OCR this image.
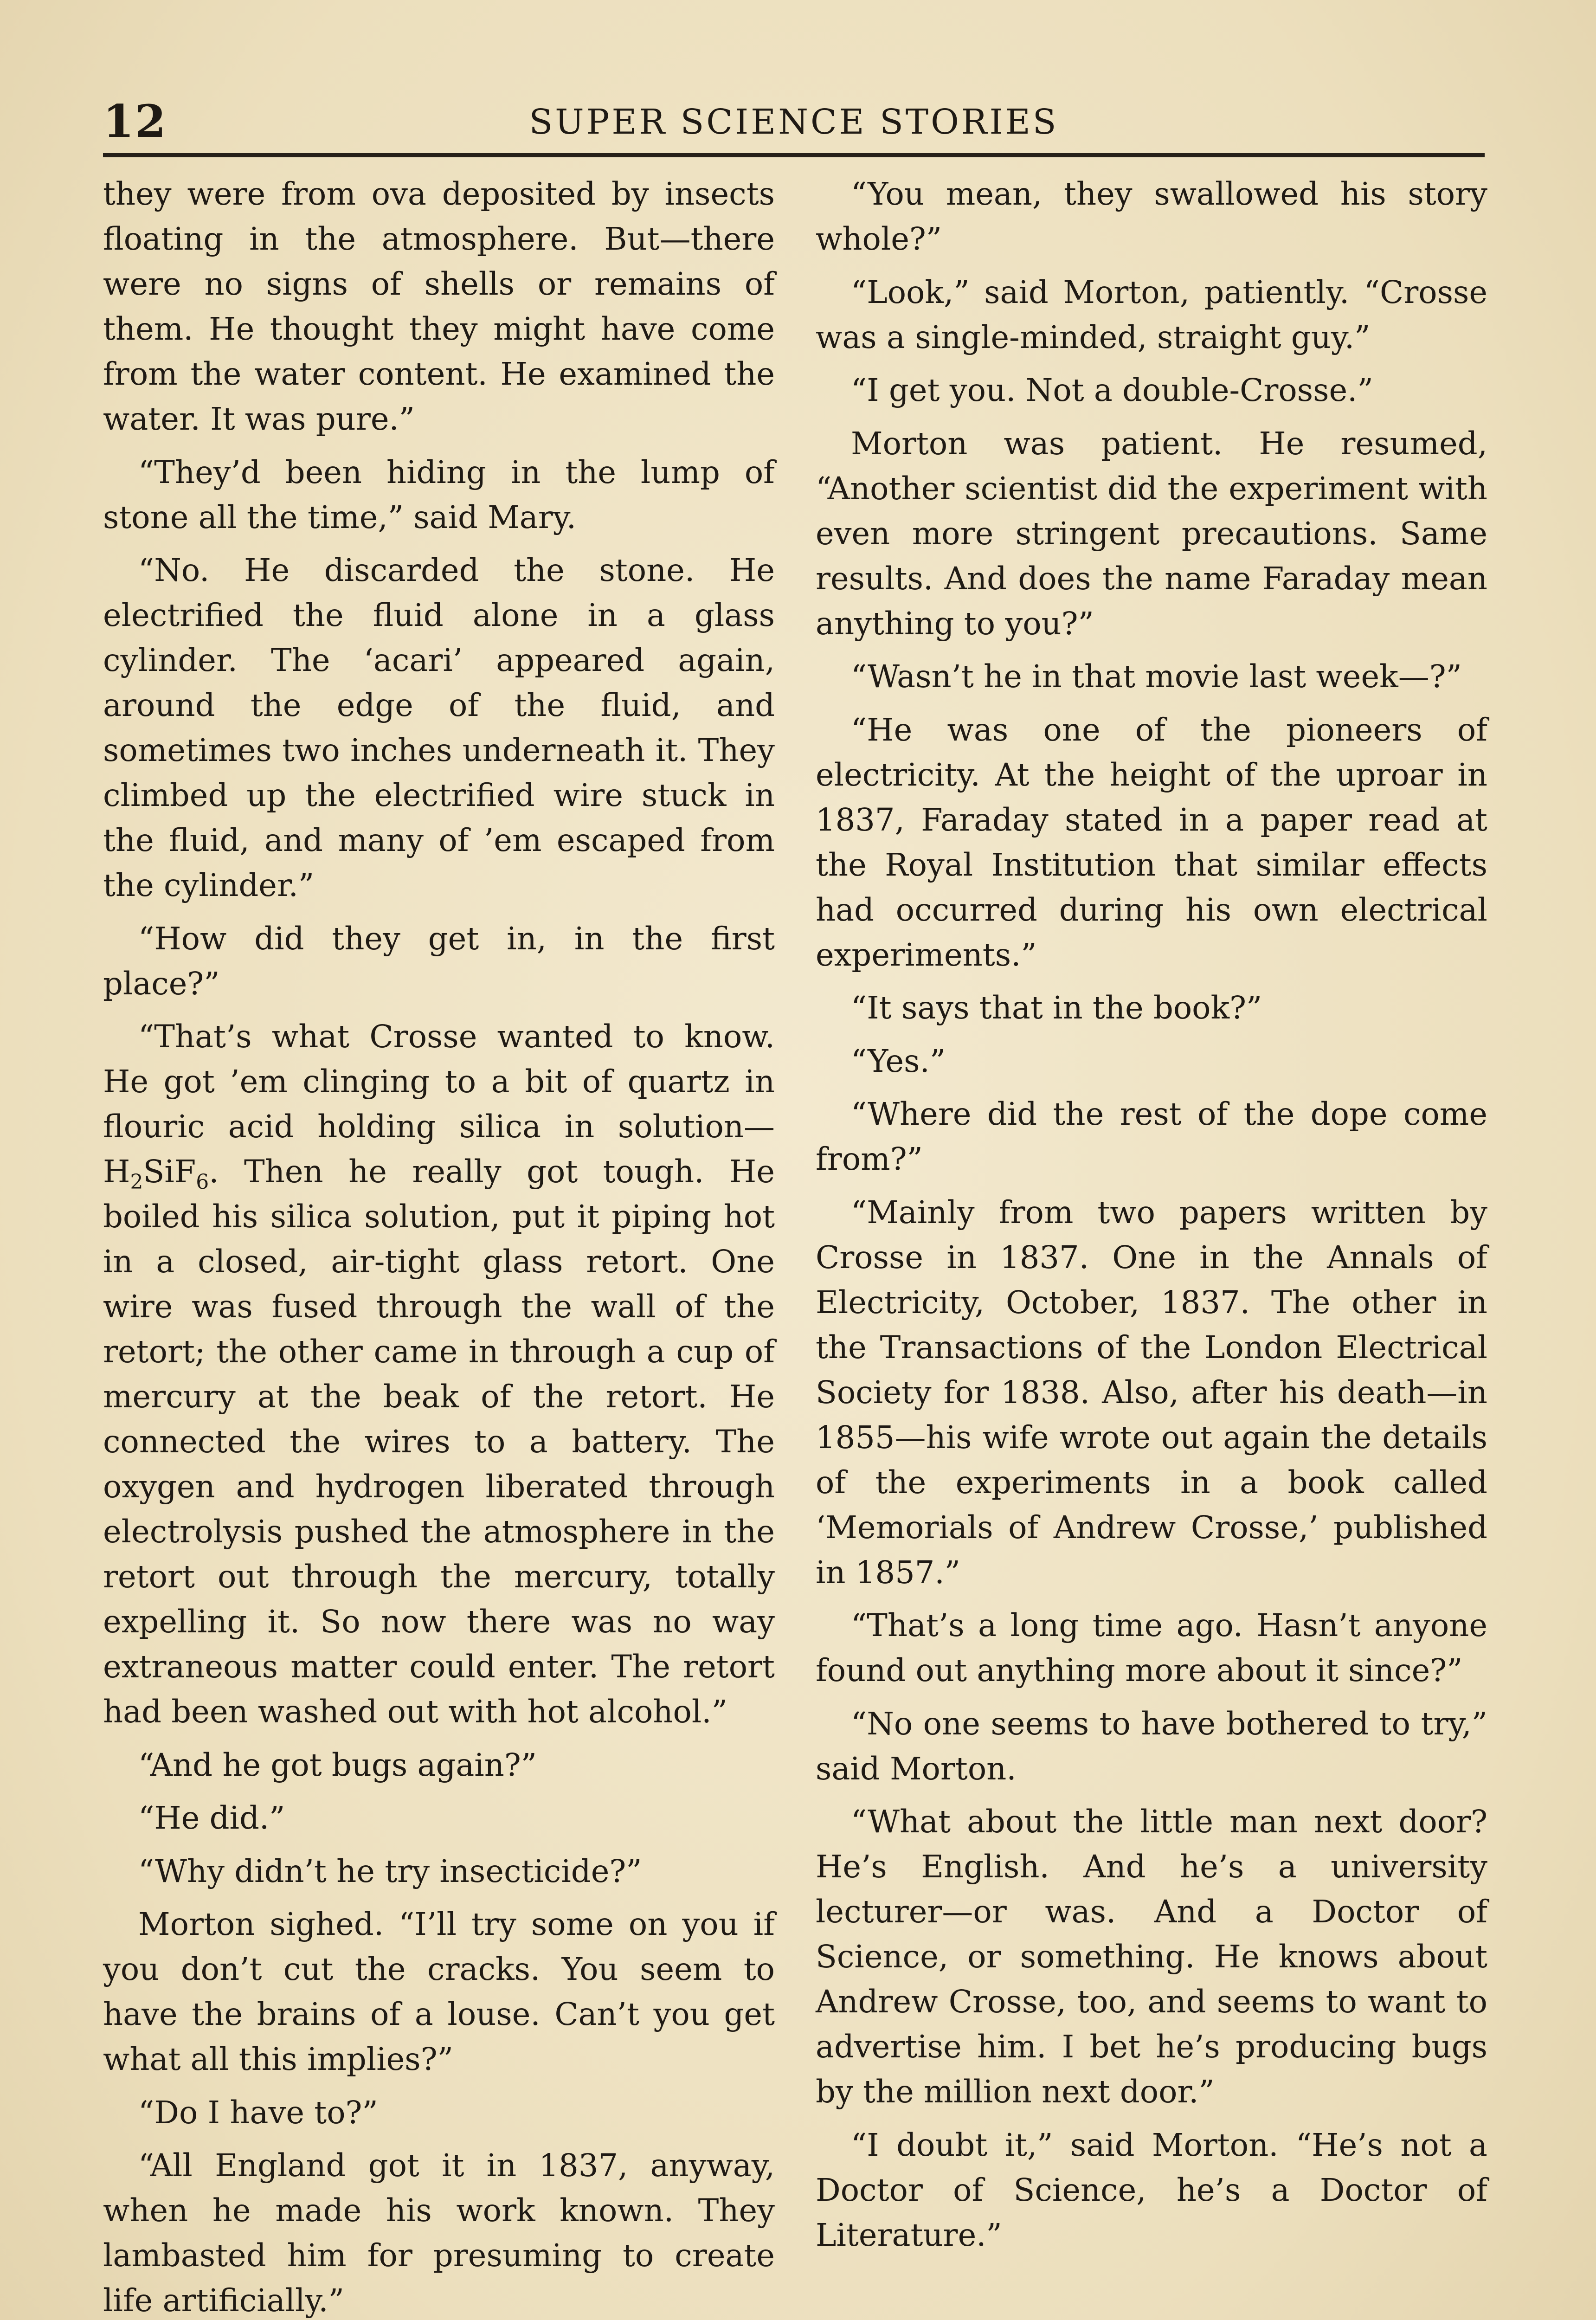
12	SUPER SCIENCE STORIES

they were from ova deposited by insects floating in the atmosphere. But—there were no signs of shells or remains of them. He thought they might have come from the water content. He examined the water. It was pure.”

“They’d been hiding in the lump of stone all the time,” said Mary.

“No. He discarded the stone. He electrified the fluid alone in a glass cylinder. The ‘acari’ appeared again, around the edge of the fluid, and sometimes two inches underneath it. They climbed up the electrified wire stuck in the fluid, and many of ’em escaped from the cylinder.”

“How did they get in, in the first place?”

“That’s what Crosse wanted to know. He got ’em clinging to a bit of quartz in flouric acid holding silica in $solution—H_2SiF_6$. Then he really got tough. He boiled his silica solution, put it piping hot in a closed, air-tight glass retort. One wire was fused through the wall of the retort; the other came in through a cup of mercury at the beak of the retort. He connected the wires to a battery. The oxygen and hydrogen liberated through electrolysis pushed the atmosphere in the retort out through the mercury, totally expelling it. So now there was no way extraneous matter could enter. The retort had been washed out with hot alcohol.”

“And he got bugs again?”

“He did.”

“Why didn’t he try insecticide?”

Morton sighed. “I’ll try some on you if you don’t cut the cracks. You seem to have the brains of a louse. Can’t you get what all this implies?”

“Do I have to?”

“All England got it in 1837, anyway, when he made his work known. They lambasted him for presuming to create life artificially.”

“You mean, they swallowed his story whole?”

“Look,” said Morton, patiently. “Crosse was a single-minded, straight guy.”

“I get you. Not a double-Crosse.”

Morton was patient. He resumed, “Another scientist did the experiment with even more stringent precautions. Same results. And does the name Faraday mean anything to you?”

“Wasn’t he in that movie last week—?”

“He was one of the pioneers of electricity. At the height of the uproar in 1837, Faraday stated in a paper read at the Royal Institution that similar effects had occurred during his own electrical experiments.”

“It says that in the book?”

“Yes.”

“Where did the rest of the dope come from?”

“Mainly from two papers written by Crosse in 1837. One in the Annals of Electricity, October, 1837. The other in the Transactions of the London Electrical Society for 1838. Also, after his death—in 1855—his wife wrote out again the details of the experiments in a book called ‘Memorials of Andrew Crosse,’ published in 1857.”

“That’s a long time ago. Hasn’t anyone found out anything more about it since?”

“No one seems to have bothered to try,” said Morton.

“What about the little man next door? He’s English. And he’s a university lecturer—or was. And a Doctor of Science, or something. He knows about Andrew Crosse, too, and seems to want to advertise him. I bet he’s producing bugs by the million next door.”

“I doubt it,” said Morton. “He’s not a Doctor of Science, he’s a Doctor of Literature.”
